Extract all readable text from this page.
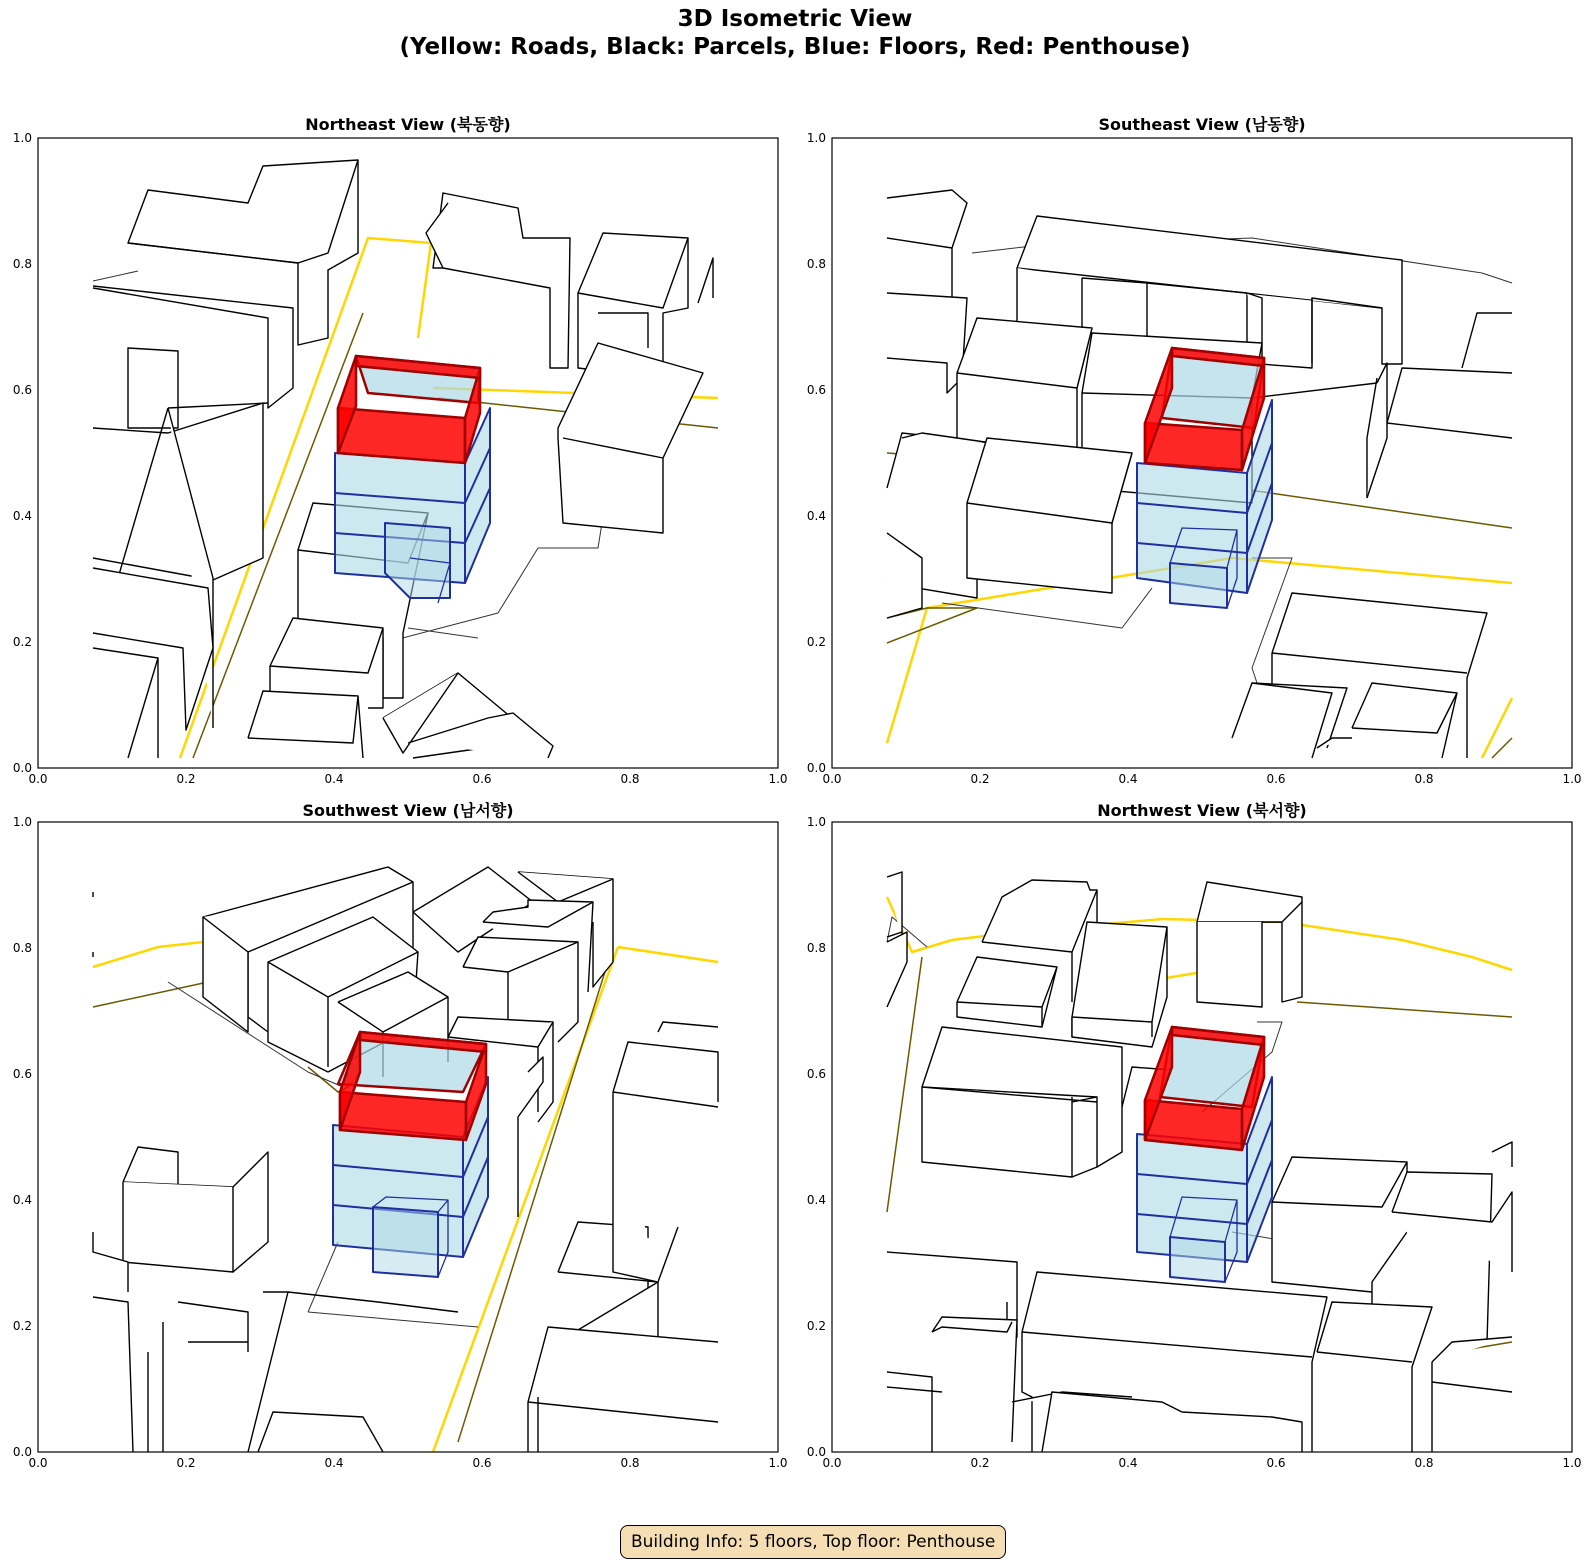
3D Isometric View
(Yellow: Roads, Black: Parcels, Blue: Floors, Red: Penthouse)
Northeast View (북동향)
0.0
0.2
0.4
0.6
0.8
1.0
0.0	0.2	0.4	0.6	0.8	1.0
Southeast View (남동향)
0.0
0.2
0.4
0.6
0.8
1.0
0.0	0.2	0.4	0.6	0.8	1.0
Southwest View (남서향)
0.0
0.2
0.4
0.6
0.8
1.0
0.0	0.2	0.4	0.6	0.8	1.0
Northwest View (북서향)
0.0
0.2
0.4
0.6
0.8
1.0
0.0	0.2	0.4	0.6	0.8	1.0
Building Info: 5 floors, Top floor: Penthouse
